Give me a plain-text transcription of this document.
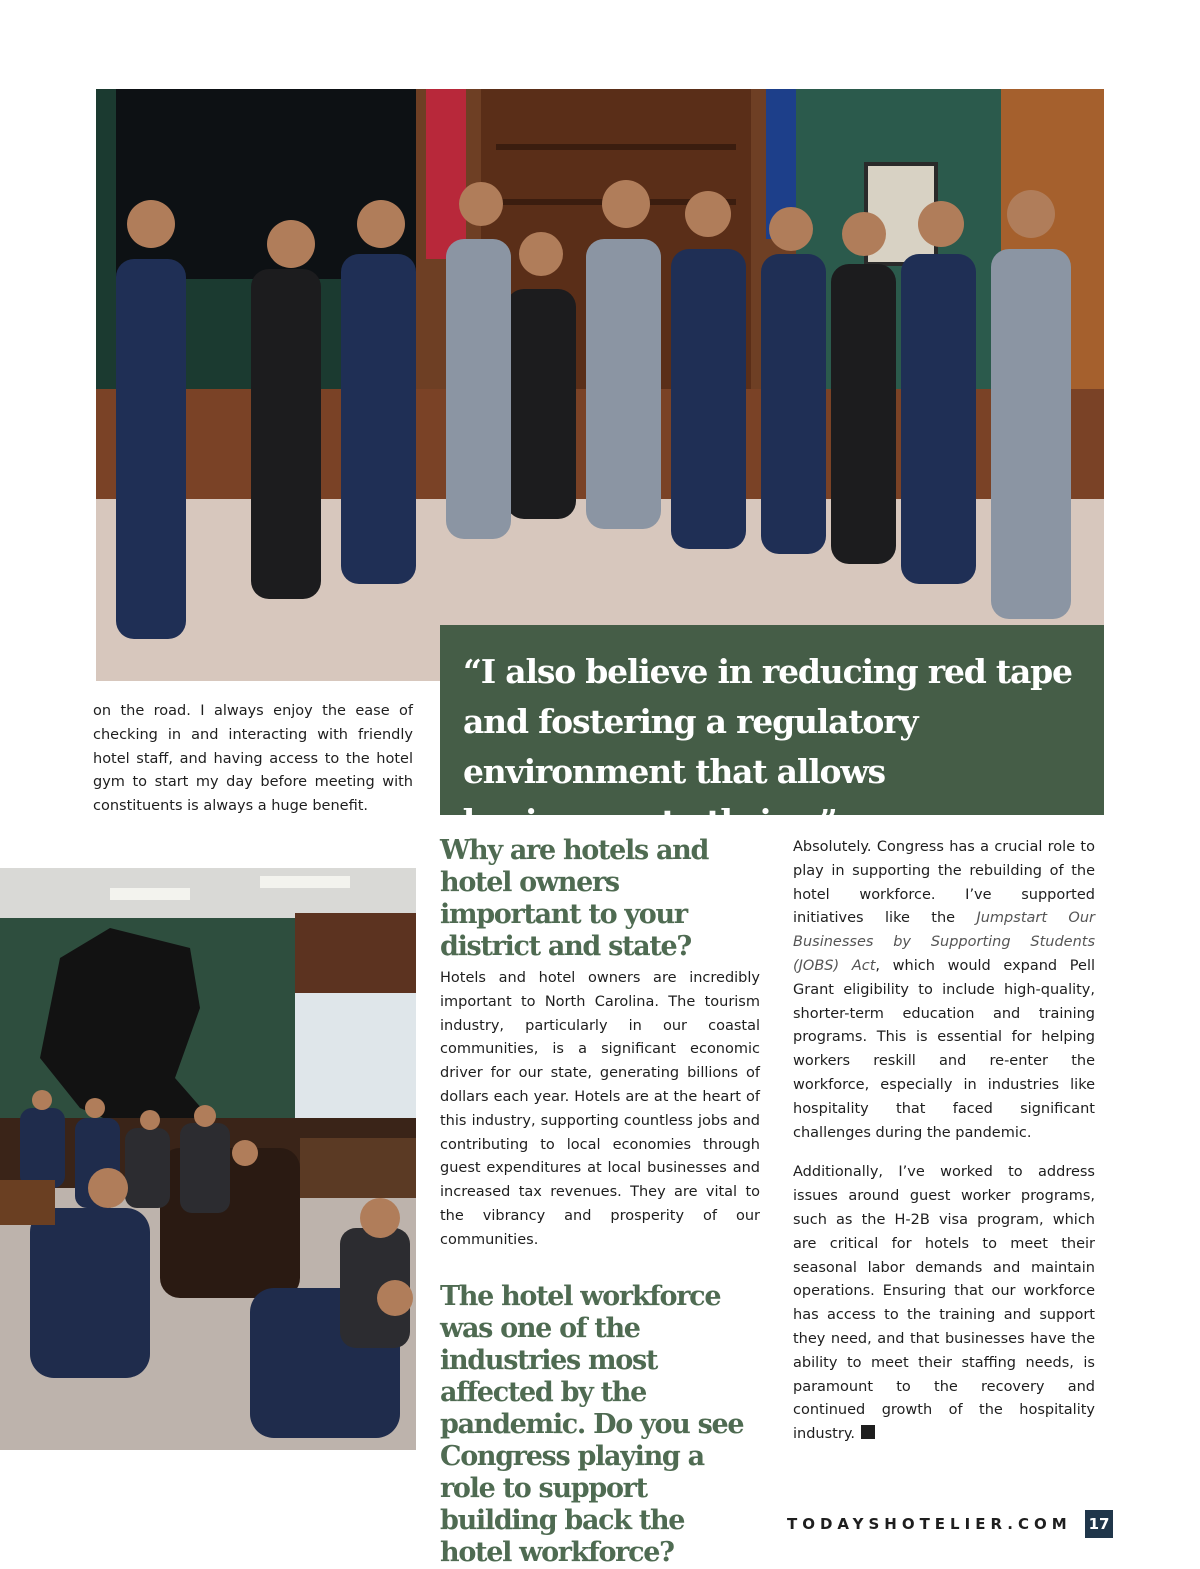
“I also believe in reducing red tape and fostering a regulatory environment that allows businesses to thrive.”

on the road. I always enjoy the ease of checking in and interacting with friendly hotel staff, and having access to the hotel gym to start my day before meeting with constituents is always a huge benefit.

Why are hotels and hotel owners important to your district and state?

Hotels and hotel owners are incredibly important to North Carolina. The tourism industry, particularly in our coastal communities, is a significant economic driver for our state, generating billions of dollars each year. Hotels are at the heart of this industry, supporting countless jobs and contributing to local economies through guest expenditures at local businesses and increased tax revenues. They are vital to the vibrancy and prosperity of our communities.

The hotel workforce was one of the industries most affected by the pandemic. Do you see Congress playing a role to support building back the hotel workforce?

Absolutely. Congress has a crucial role to play in supporting the rebuilding of the hotel workforce. I’ve supported initiatives like the Jumpstart Our Businesses by Supporting Students (JOBS) Act, which would expand Pell Grant eligibility to include high-quality, shorter-term education and training programs. This is essential for helping workers reskill and re-enter the workforce, especially in industries like hospitality that faced significant challenges during the pandemic.

Additionally, I’ve worked to address issues around guest worker programs, such as the H-2B visa program, which are critical for hotels to meet their seasonal labor demands and maintain operations. Ensuring that our workforce has access to the training and support they need, and that businesses have the ability to meet their staffing needs, is paramount to the recovery and continued growth of the hospitality industry.

TODAYSHOTELIER.COM 17
